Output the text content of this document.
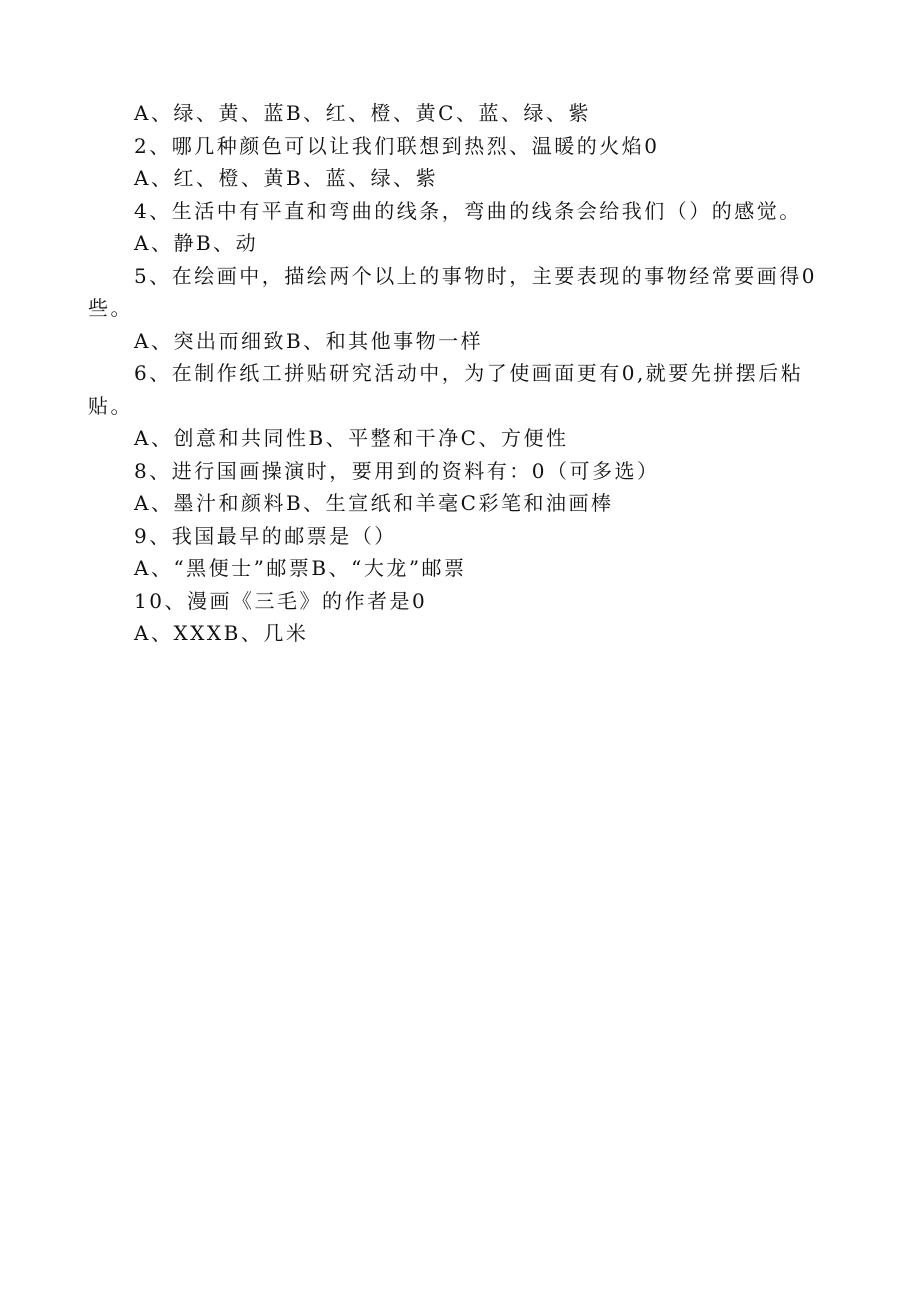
A、绿、黄、蓝B、红、橙、黄C、蓝、绿、紫

2、哪几种颜色可以让我们联想到热烈、温暖的火焰0

A、红、橙、黄B、蓝、绿、紫

4、生活中有平直和弯曲的线条，弯曲的线条会给我们（）的感觉。

A、静B、动

5、在绘画中，描绘两个以上的事物时，主要表现的事物经常要画得0些。

A、突出而细致B、和其他事物一样

6、在制作纸工拼贴研究活动中，为了使画面更有0,就要先拼摆后粘贴。

A、创意和共同性B、平整和干净C、方便性

8、进行国画操演时，要用到的资料有：0（可多选）

A、墨汁和颜料B、生宣纸和羊毫C彩笔和油画棒

9、我国最早的邮票是（）

A、“黑便士”邮票B、“大龙”邮票

10、漫画《三毛》的作者是0

A、XXXB、几米
